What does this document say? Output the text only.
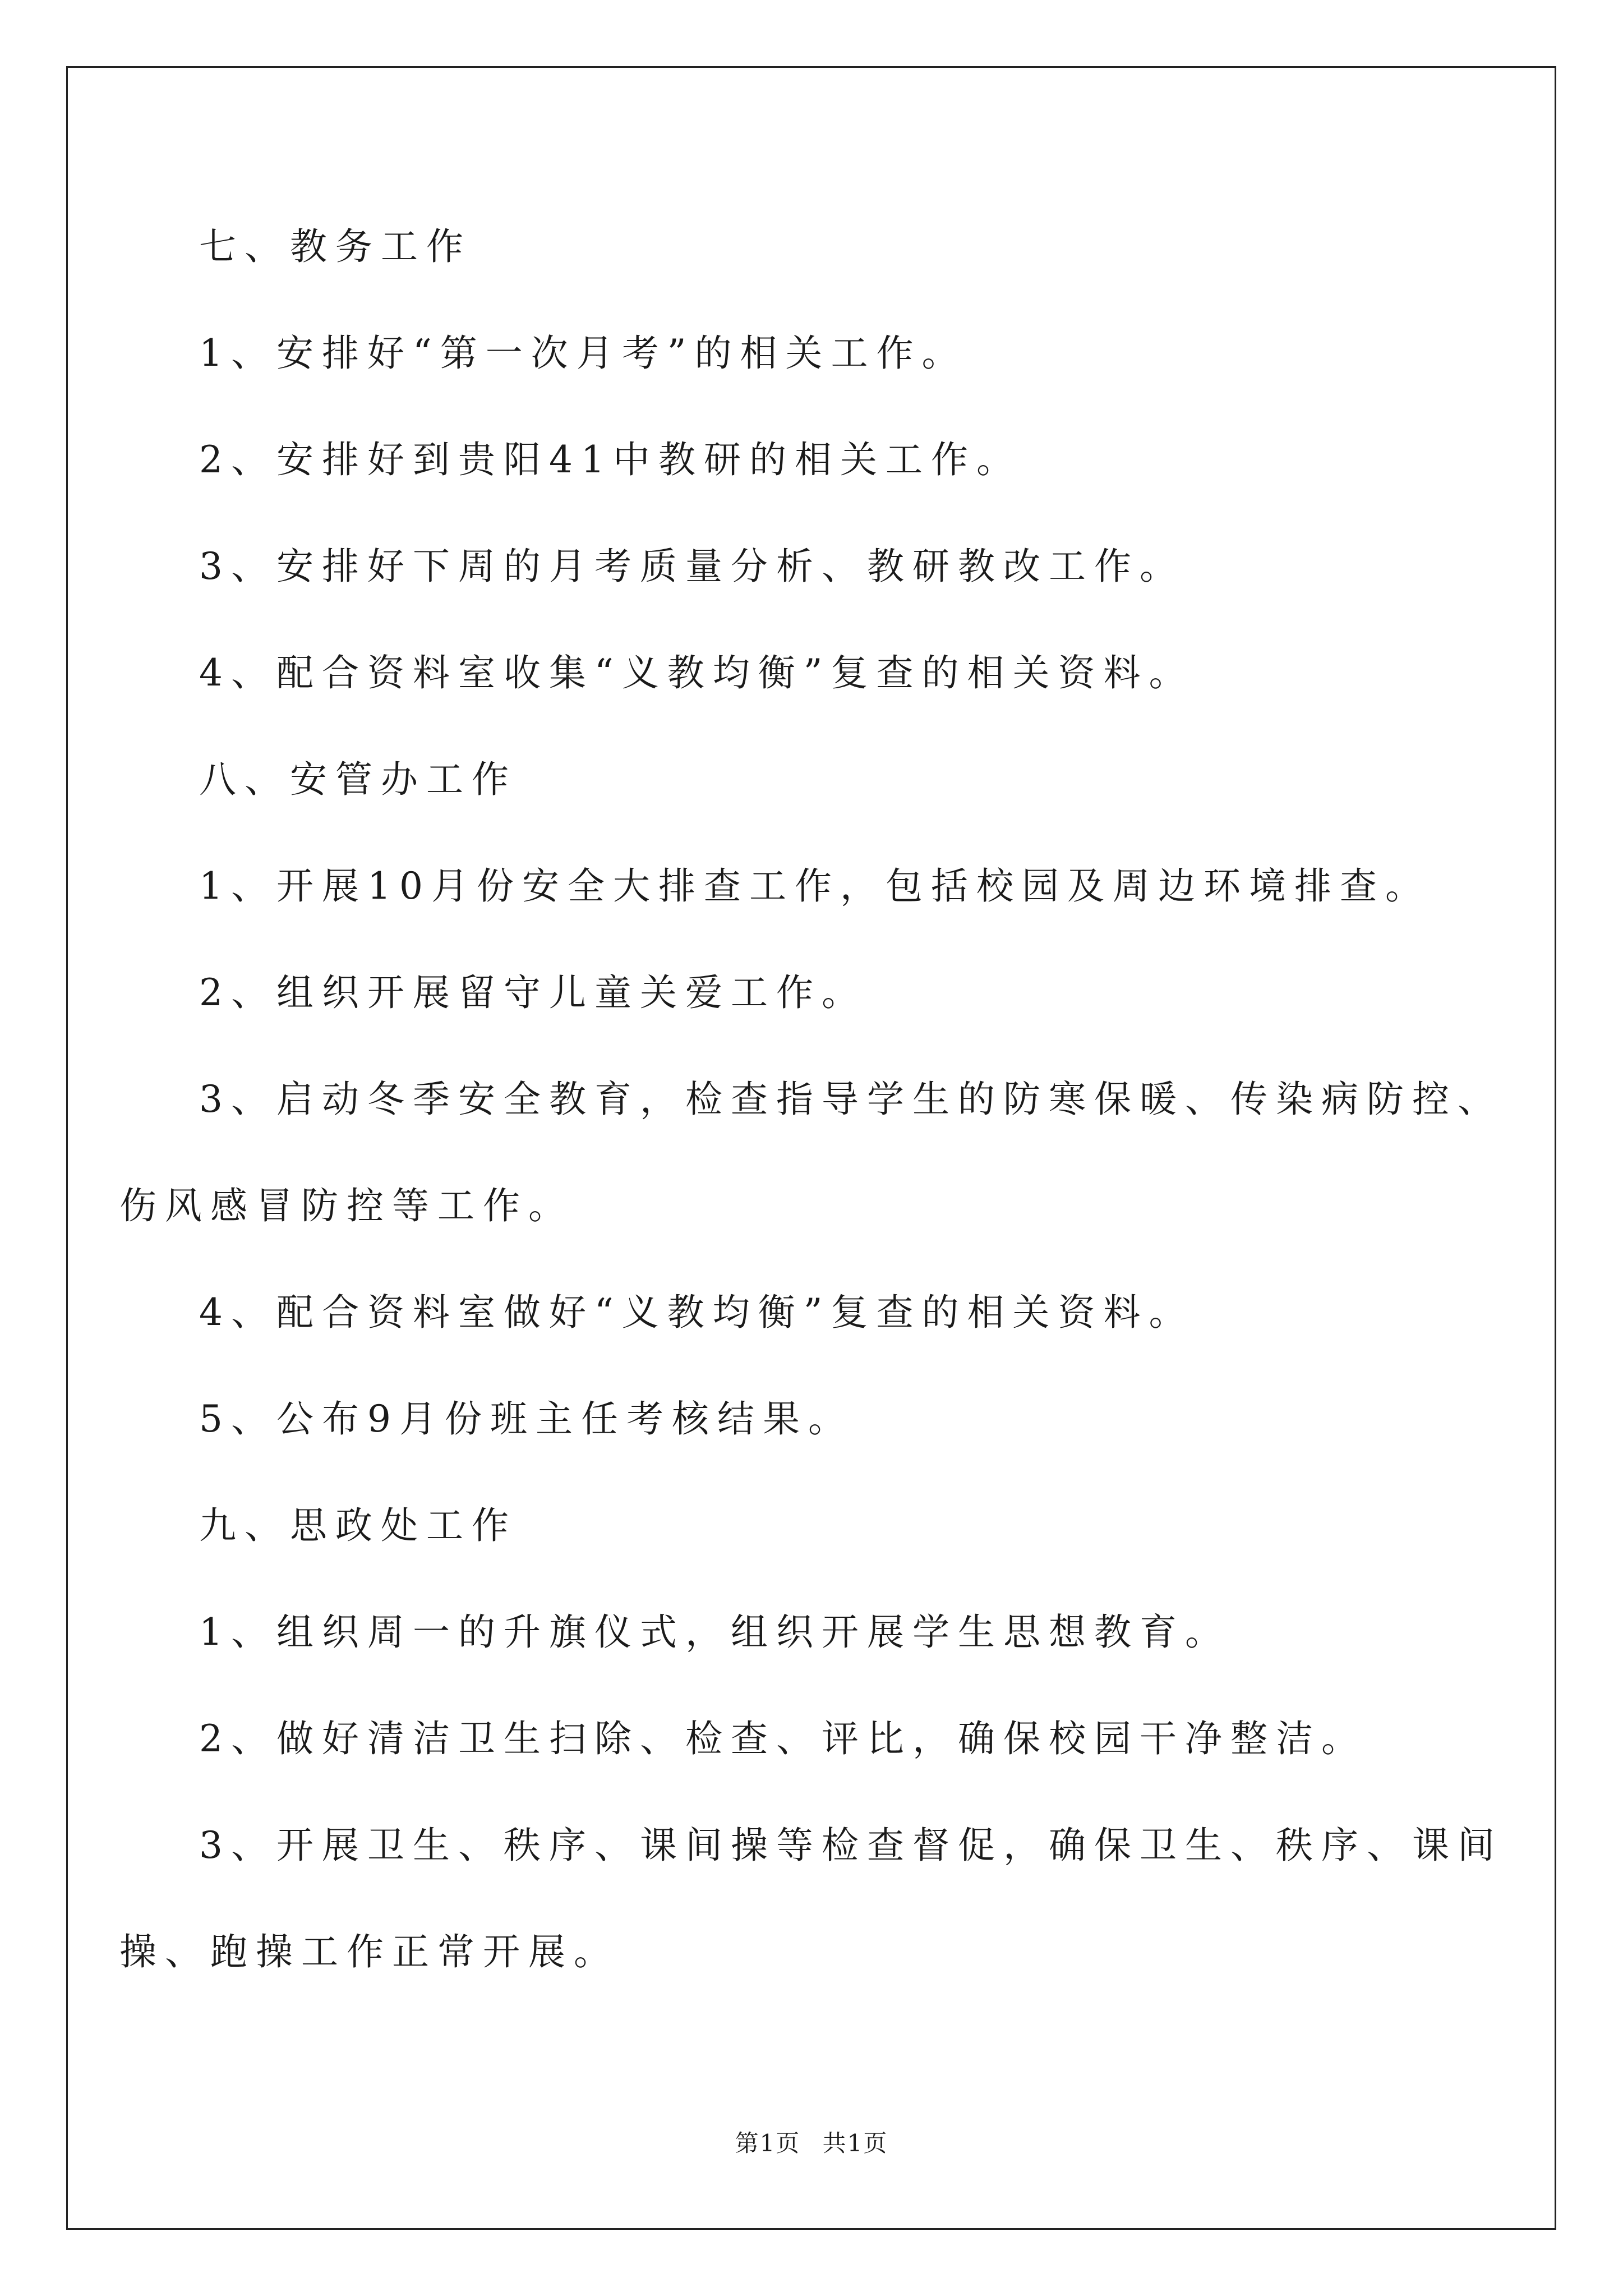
七、教务工作

1、安排好“第一次月考”的相关工作。

2、安排好到贵阳41中教研的相关工作。

3、安排好下周的月考质量分析、教研教改工作。

4、配合资料室收集“义教均衡”复查的相关资料。

八、安管办工作

1、开展10月份安全大排查工作，包括校园及周边环境排查。

2、组织开展留守儿童关爱工作。

3、启动冬季安全教育，检查指导学生的防寒保暖、传染病防控、

伤风感冒防控等工作。

4、配合资料室做好“义教均衡”复查的相关资料。

5、公布9月份班主任考核结果。

九、思政处工作

1、组织周一的升旗仪式，组织开展学生思想教育。

2、做好清洁卫生扫除、检查、评比，确保校园干净整洁。

3、开展卫生、秩序、课间操等检查督促，确保卫生、秩序、课间

操、跑操工作正常开展。

第1页 共1页
